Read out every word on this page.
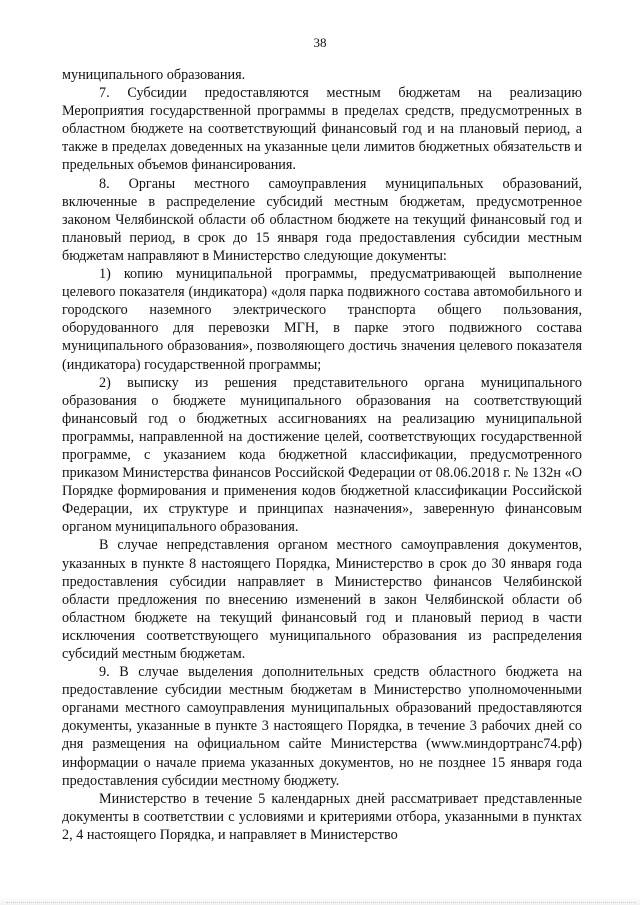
38

муниципального образования.

7. Субсидии предоставляются местным бюджетам на реализацию Мероприятия государственной программы в пределах средств, предусмотренных в областном бюджете на соответствующий финансовый год и на плановый период, а также в пределах доведенных на указанные цели лимитов бюджетных обязательств и предельных объемов финансирования.

8. Органы местного самоуправления муниципальных образований, включенные в распределение субсидий местным бюджетам, предусмотренное законом Челябинской области об областном бюджете на текущий финансовый год и плановый период, в срок до 15 января года предоставления субсидии местным бюджетам направляют в Министерство следующие документы:

1) копию муниципальной программы, предусматривающей выполнение целевого показателя (индикатора) «доля парка подвижного состава автомобильного и городского наземного электрического транспорта общего пользования, оборудованного для перевозки МГН, в парке этого подвижного состава муниципального образования», позволяющего достичь значения целевого показателя (индикатора) государственной программы;

2) выписку из решения представительного органа муниципального образования о бюджете муниципального образования на соответствующий финансовый год о бюджетных ассигнованиях на реализацию муниципальной программы, направленной на достижение целей, соответствующих государственной программе, с указанием кода бюджетной классификации, предусмотренного приказом Министерства финансов Российской Федерации от 08.06.2018 г. № 132н «О Порядке формирования и применения кодов бюджетной классификации Российской Федерации, их структуре и принципах назначения», заверенную финансовым органом муниципального образования.

В случае непредставления органом местного самоуправления документов, указанных в пункте 8 настоящего Порядка, Министерство в срок до 30 января года предоставления субсидии направляет в Министерство финансов Челябинской области предложения по внесению изменений в закон Челябинской области об областном бюджете на текущий финансовый год и плановый период в части исключения соответствующего муниципального образования из распределения субсидий местным бюджетам.

9. В случае выделения дополнительных средств областного бюджета на предоставление субсидии местным бюджетам в Министерство уполномоченными органами местного самоуправления муниципальных образований предоставляются документы, указанные в пункте 3 настоящего Порядка, в течение 3 рабочих дней со дня размещения на официальном сайте Министерства (www.миндортранс74.рф) информации о начале приема указанных документов, но не позднее 15 января года предоставления субсидии местному бюджету.

Министерство в течение 5 календарных дней рассматривает представленные документы в соответствии с условиями и критериями отбора, указанными в пунктах 2, 4 настоящего Порядка, и направляет в Министерство
